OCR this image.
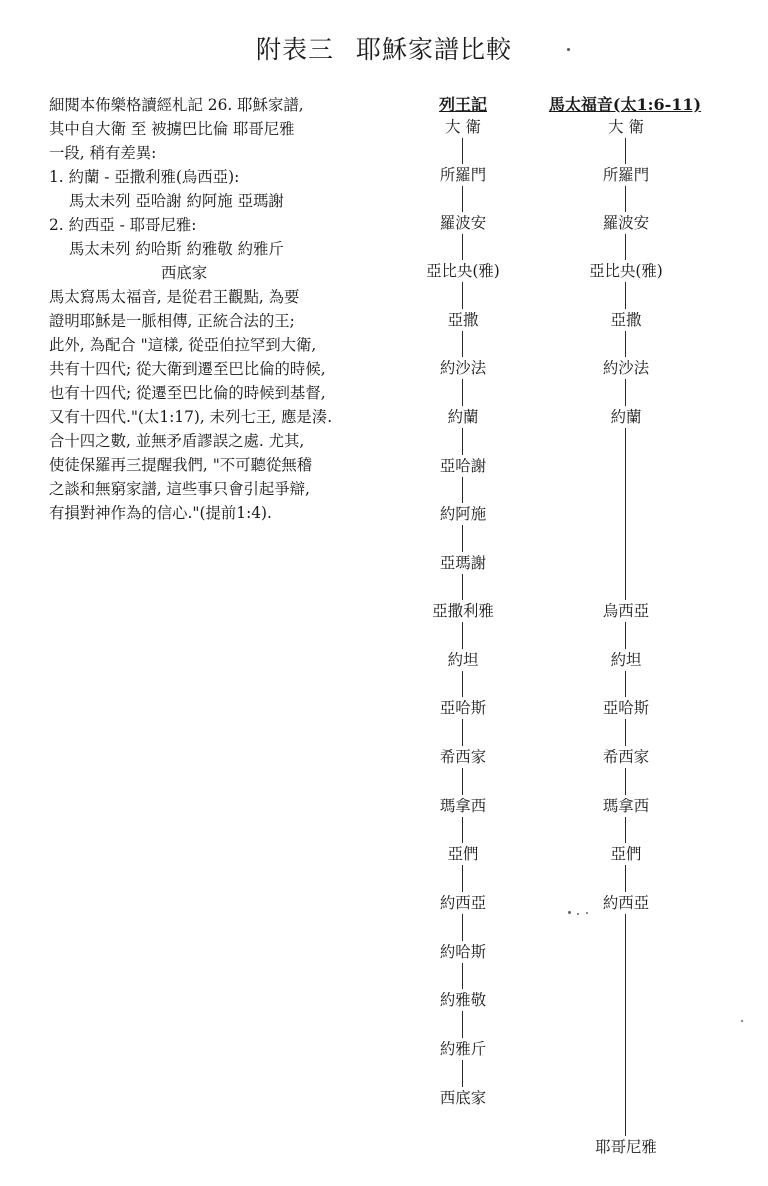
附表三 耶穌家譜比較
細閱本佈樂格讀經札記 26. 耶穌家譜,
其中自大衛 至 被擄巴比倫 耶哥尼雅
一段, 稍有差異:
1. 約蘭 - 亞撒利雅(烏西亞):
馬太未列 亞哈謝 約阿施 亞瑪謝
2. 約西亞 - 耶哥尼雅:
馬太未列 約哈斯 約雅敬 約雅斤
西底家
馬太寫馬太福音, 是從君王觀點, 為要
證明耶穌是一脈相傳, 正統合法的王;
此外, 為配合 "這樣, 從亞伯拉罕到大衛,
共有十四代; 從大衛到遷至巴比倫的時候,
也有十四代; 從遷至巴比倫的時候到基督,
又有十四代."(太1:17), 未列七王, 應是湊.
合十四之數, 並無矛盾謬誤之處. 尤其,
使徒保羅再三提醒我們, "不可聽從無稽
之談和無窮家譜, 這些事只會引起爭辯,
有損對神作為的信心."(提前1:4).
列王記
大 衛
所羅門
羅波安
亞比央(雅)
亞撒
約沙法
約蘭
亞哈謝
約阿施
亞瑪謝
亞撒利雅
約坦
亞哈斯
希西家
瑪拿西
亞們
約西亞
約哈斯
約雅敬
約雅斤
西底家
馬太福音(太1:6-11)
大 衛
所羅門
羅波安
亞比央(雅)
亞撒
約沙法
約蘭
烏西亞
約坦
亞哈斯
希西家
瑪拿西
亞們
約西亞
耶哥尼雅
